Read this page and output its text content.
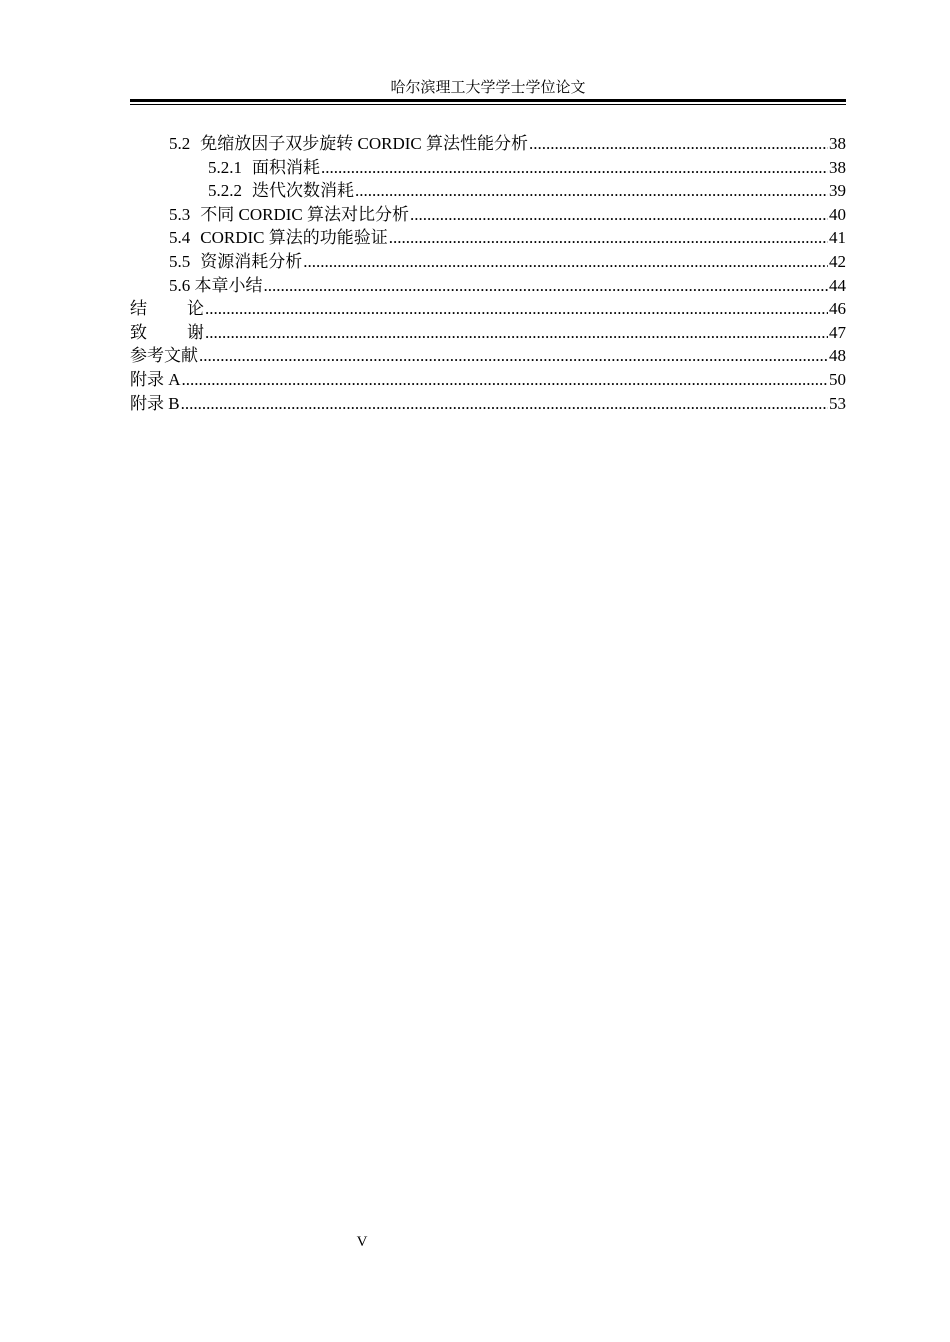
哈尔滨理工大学学士学位论文
5.2 免缩放因子双步旋转 CORDIC 算法性能分析 .....	38
5.2.1 面积消耗 .....	38
5.2.2 迭代次数消耗 .....	39
5.3 不同 CORDIC 算法对比分析 .....	40
5.4 CORDIC 算法的功能验证 .....	41
5.5 资源消耗分析 .....	42
5.6 本章小结 .....	44
结论 .....	46
致谢 .....	47
参考文献 .....	48
附录 A .....	50
附录 B .....	53
V
